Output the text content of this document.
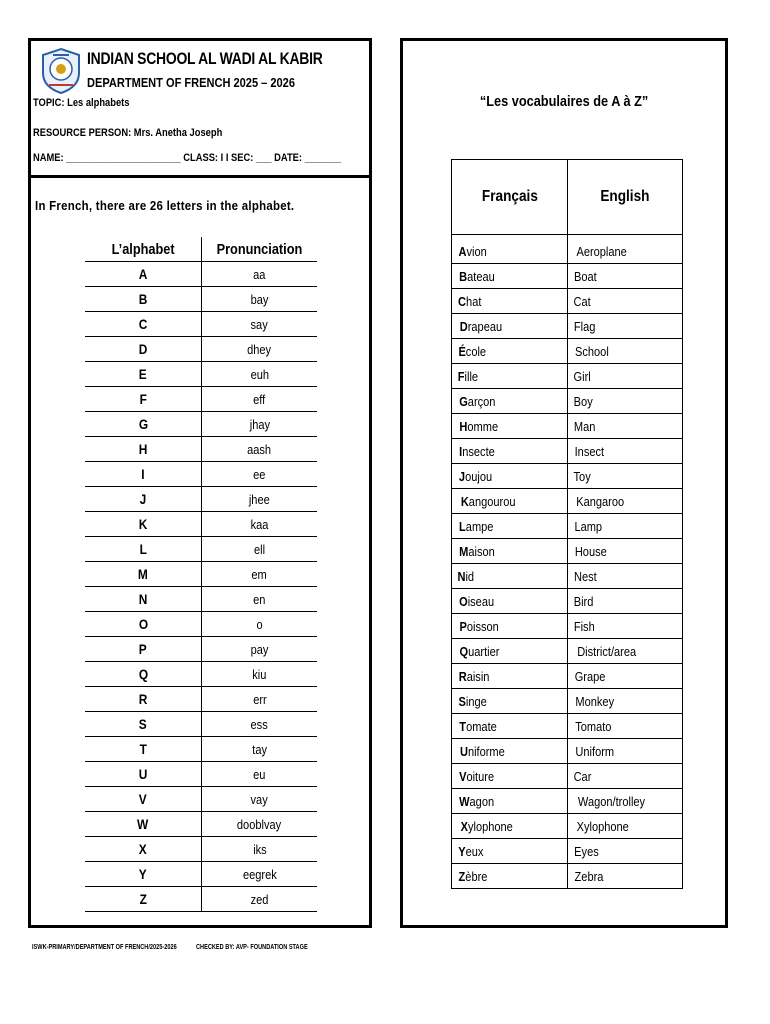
INDIAN SCHOOL AL WADI AL KABIR
DEPARTMENT OF FRENCH 2025 – 2026
TOPIC: Les alphabets
RESOURCE PERSON: Mrs. Anetha Joseph
NAME: ______________________ CLASS: I I SEC: ___ DATE: _______
In French, there are 26 letters in the alphabet.
L’alphabet	Pronunciation
A	aa
B	bay
C	say
D	dhey
E	euh
F	eff
G	jhay
H	aash
I	ee
J	jhee
K	kaa
L	ell
M	em
N	en
O	o
P	pay
Q	kiu
R	err
S	ess
T	tay
U	eu
V	vay
W	dooblvay
X	iks
Y	eegrek
Z	zed
“Les vocabulaires de A à Z”
Français	English
Avion	Aeroplane
Bateau	Boat
Chat	Cat
Drapeau	Flag
École	School
Fille	Girl
Garçon	Boy
Homme	Man
Insecte	Insect
Joujou	Toy
Kangourou	Kangaroo
Lampe	Lamp
Maison	House
Nid	Nest
Oiseau	Bird
Poisson	Fish
Quartier	District/area
Raisin	Grape
Singe	Monkey
Tomate	Tomato
Uniforme	Uniform
Voiture	Car
Wagon	Wagon/trolley
Xylophone	Xylophone
Yeux	Eyes
Zèbre	Zebra
ISWK-PRIMARY/DEPARTMENT OF FRENCH/2025-2026	CHECKED BY: AVP- FOUNDATION STAGE
